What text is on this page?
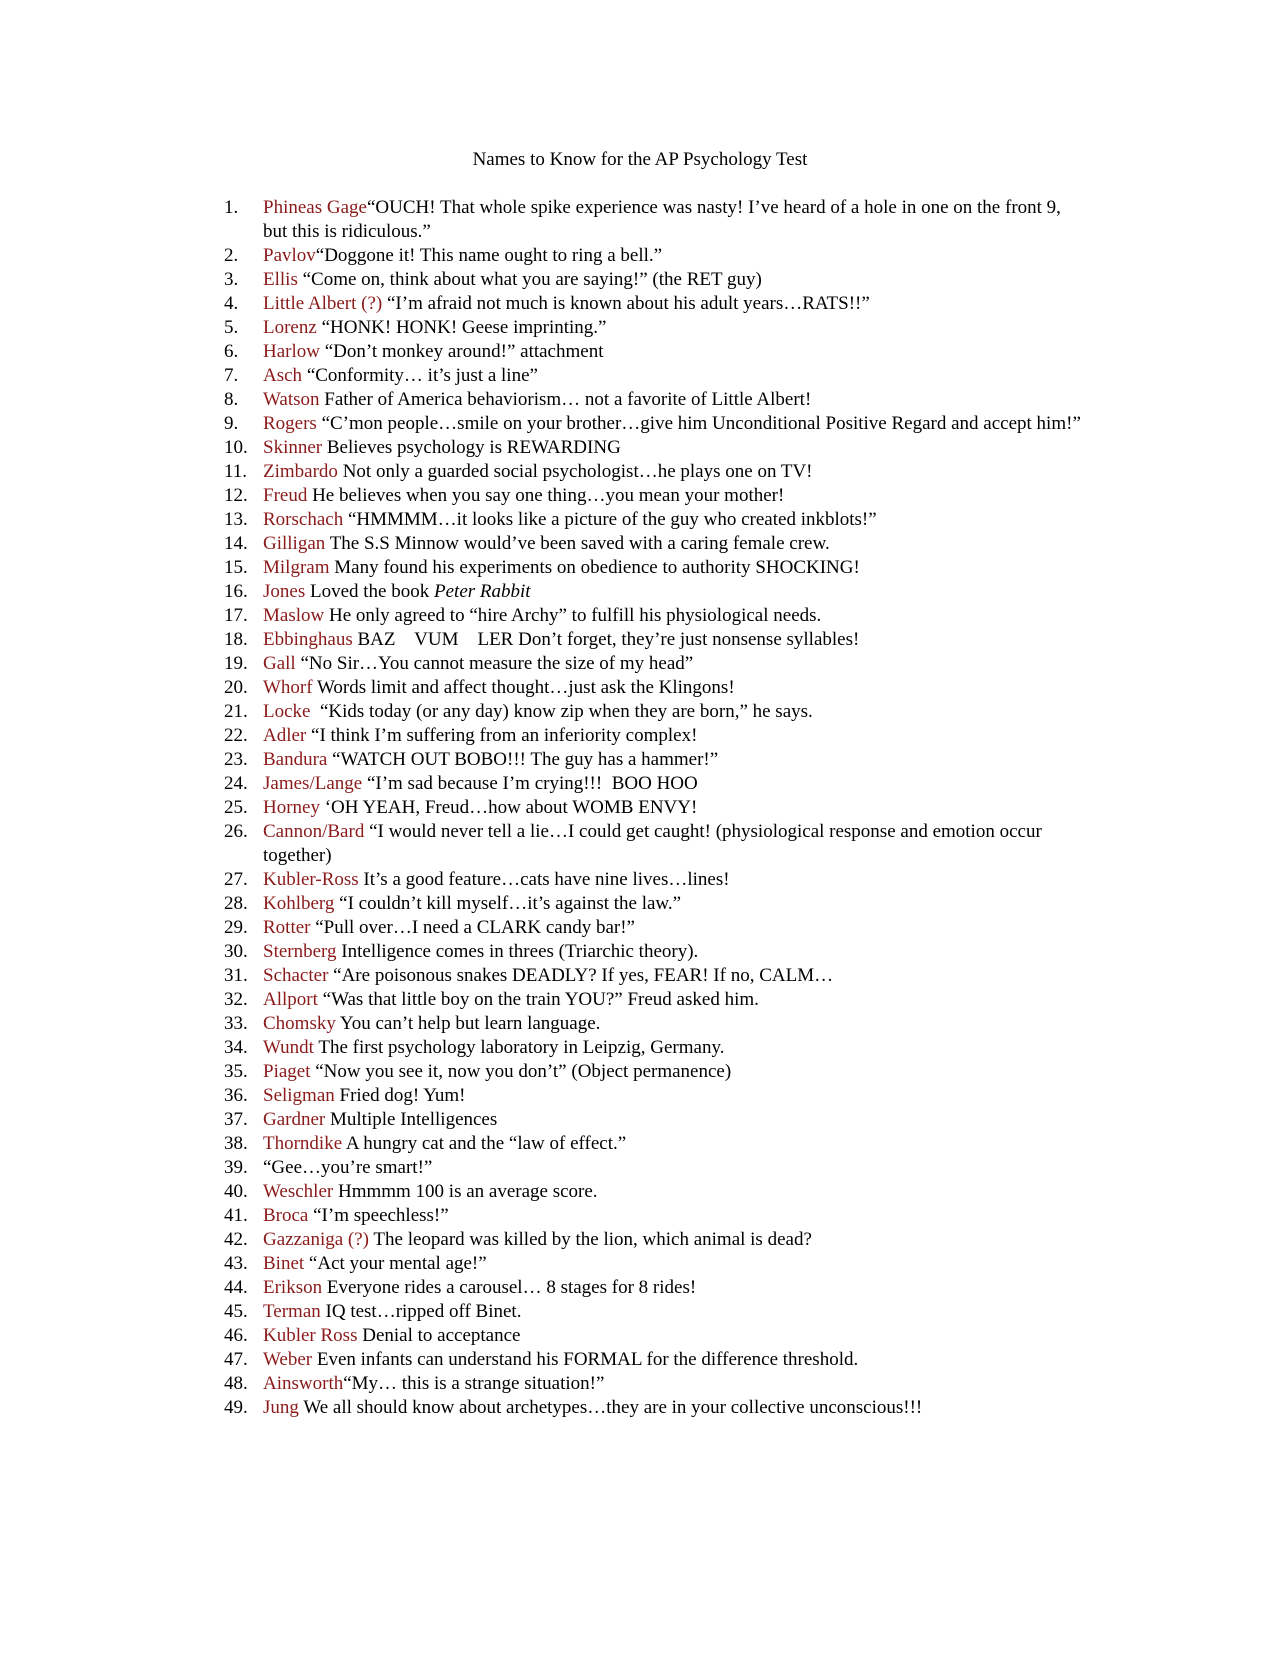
Names to Know for the AP Psychology Test
1. Phineas Gage“OUCH! That whole spike experience was nasty! I’ve heard of a hole in one on the front 9, but this is ridiculous.”
2. Pavlov“Doggone it! This name ought to ring a bell.”
3. Ellis “Come on, think about what you are saying!” (the RET guy)
4. Little Albert (?) “I’m afraid not much is known about his adult years…RATS!!”
5. Lorenz “HONK! HONK! Geese imprinting.”
6. Harlow “Don’t monkey around!” attachment
7. Asch “Conformity… it’s just a line”
8. Watson Father of America behaviorism… not a favorite of Little Albert!
9. Rogers “C’mon people…smile on your brother…give him Unconditional Positive Regard and accept him!”
10. Skinner Believes psychology is REWARDING
11. Zimbardo Not only a guarded social psychologist…he plays one on TV!
12. Freud He believes when you say one thing…you mean your mother!
13. Rorschach “HMMMM…it looks like a picture of the guy who created inkblots!”
14. Gilligan The S.S Minnow would’ve been saved with a caring female crew.
15. Milgram Many found his experiments on obedience to authority SHOCKING!
16. Jones Loved the book Peter Rabbit
17. Maslow He only agreed to “hire Archy” to fulfill his physiological needs.
18. Ebbinghaus BAZ    VUM    LER Don’t forget, they’re just nonsense syllables!
19. Gall “No Sir…You cannot measure the size of my head”
20. Whorf Words limit and affect thought…just ask the Klingons!
21. Locke  “Kids today (or any day) know zip when they are born,” he says.
22. Adler “I think I’m suffering from an inferiority complex!
23. Bandura “WATCH OUT BOBO!!! The guy has a hammer!”
24. James/Lange “I’m sad because I’m crying!!!  BOO HOO
25. Horney ‘OH YEAH, Freud…how about WOMB ENVY!
26. Cannon/Bard “I would never tell a lie…I could get caught! (physiological response and emotion occur together)
27. Kubler-Ross It’s a good feature…cats have nine lives…lines!
28. Kohlberg “I couldn’t kill myself…it’s against the law.”
29. Rotter “Pull over…I need a CLARK candy bar!”
30. Sternberg Intelligence comes in threes (Triarchic theory).
31. Schacter “Are poisonous snakes DEADLY? If yes, FEAR! If no, CALM…
32. Allport “Was that little boy on the train YOU?” Freud asked him.
33. Chomsky You can’t help but learn language.
34. Wundt The first psychology laboratory in Leipzig, Germany.
35. Piaget “Now you see it, now you don’t” (Object permanence)
36. Seligman Fried dog! Yum!
37. Gardner Multiple Intelligences
38. Thorndike A hungry cat and the “law of effect.”
39. “Gee…you’re smart!”
40. Weschler Hmmmm 100 is an average score.
41. Broca “I’m speechless!”
42. Gazzaniga (?) The leopard was killed by the lion, which animal is dead?
43. Binet “Act your mental age!”
44. Erikson Everyone rides a carousel… 8 stages for 8 rides!
45. Terman IQ test…ripped off Binet.
46. Kubler Ross Denial to acceptance
47. Weber Even infants can understand his FORMAL for the difference threshold.
48. Ainsworth“My… this is a strange situation!”
49. Jung We all should know about archetypes…they are in your collective unconscious!!!
